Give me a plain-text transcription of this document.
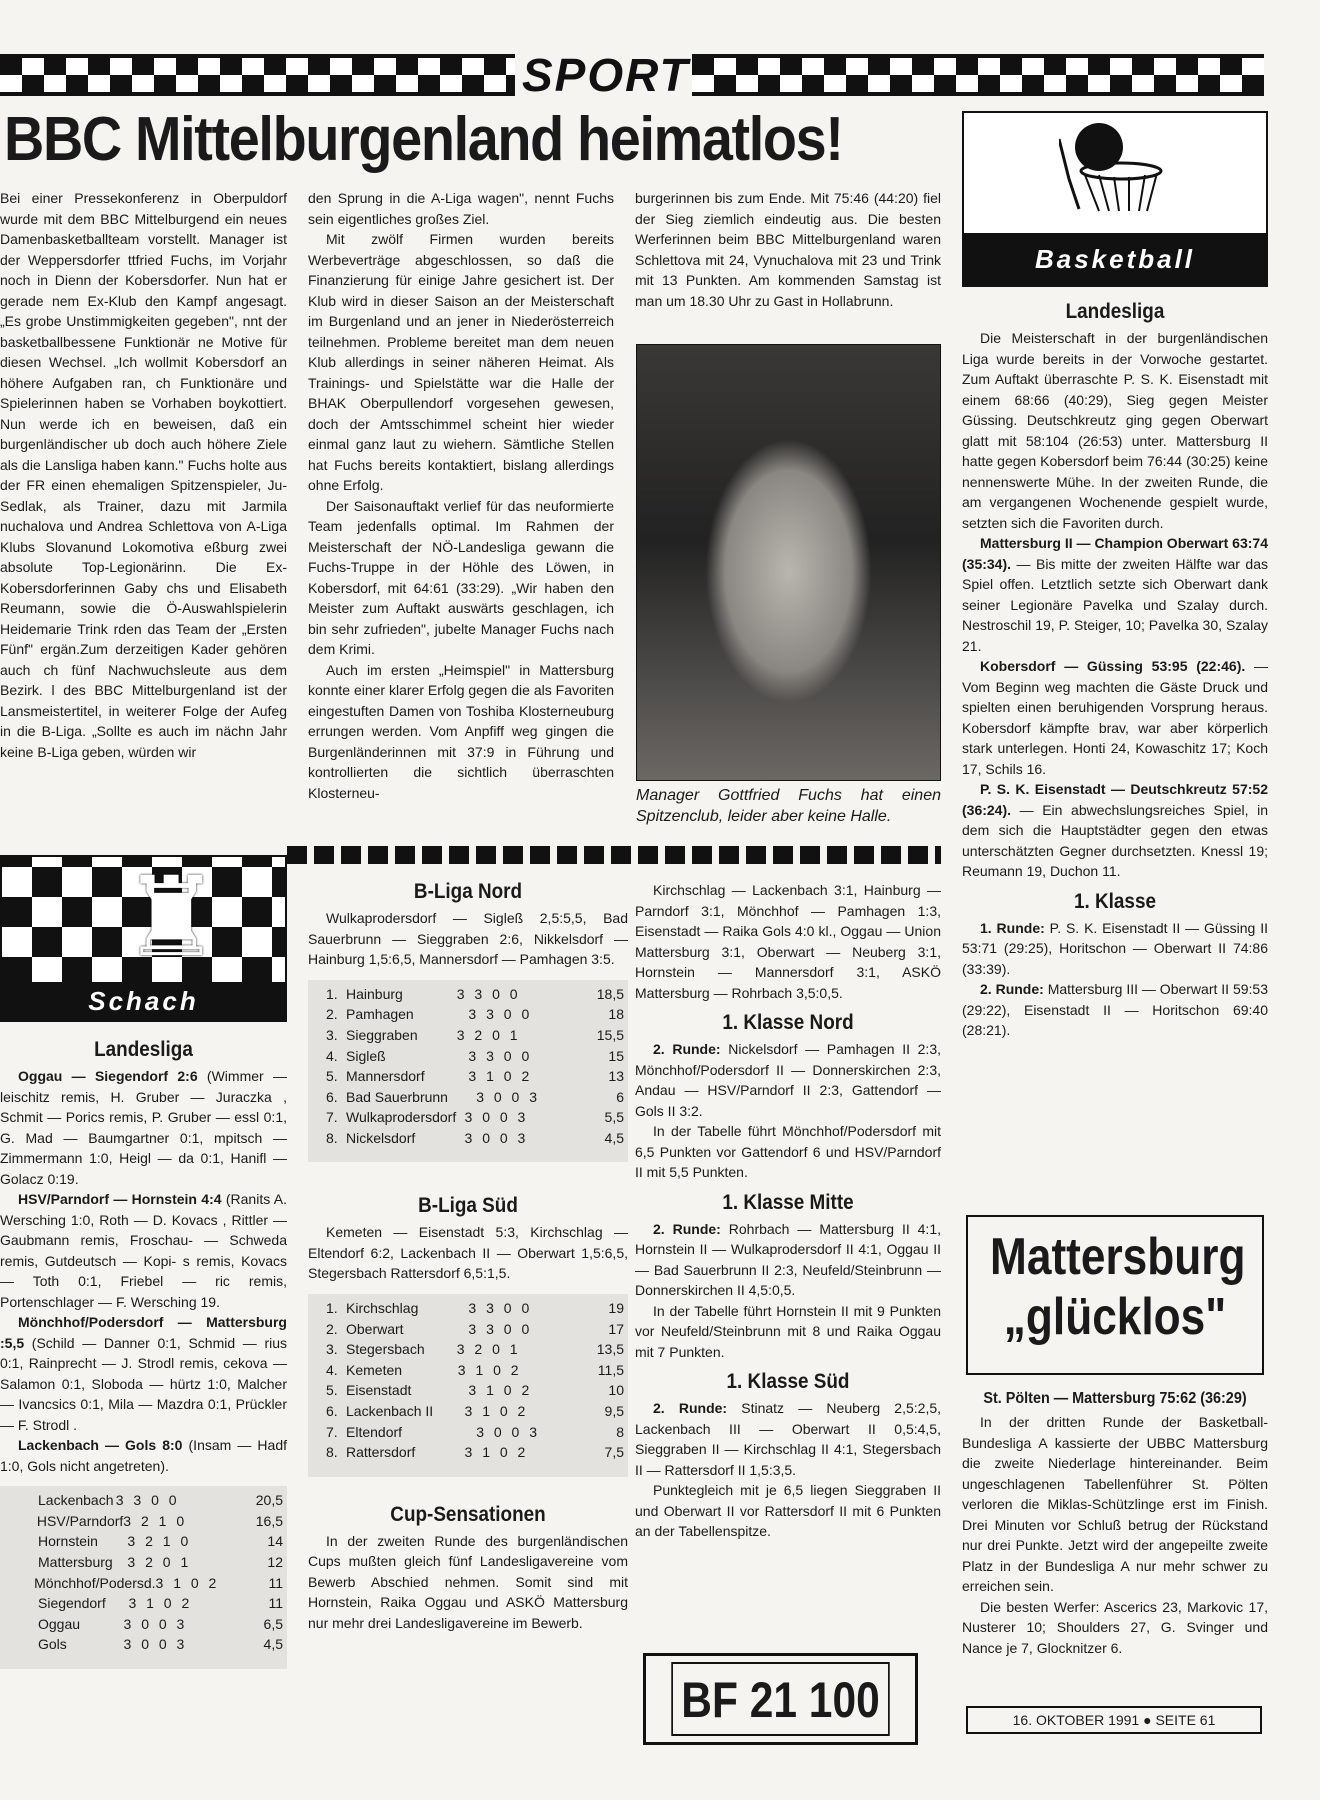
SPORT
BBC Mittelburgenland heimatlos!

Bei einer Pressekonferenz in Oberpuldorf wurde mit dem BBC Mittelburgend ein neues Damenbasketballteam vorstellt. Manager ist der Weppersdorfer ttfried Fuchs, im Vorjahr noch in Dienn der Kobersdorfer. Nun hat er gerade nem Ex-Klub den Kampf angesagt. „Es grobe Unstimmigkeiten gegeben", nnt der basketballbessene Funktionär ne Motive für diesen Wechsel. „Ich wollmit Kobersdorf an höhere Aufgaben ran, ch Funktionäre und Spielerinnen haben se Vorhaben boykottiert. Nun werde ich en beweisen, daß ein burgenländischer ub doch auch höhere Ziele als die Lansliga haben kann." Fuchs holte aus der FR einen ehemaligen Spitzenspieler, Ju- Sedlak, als Trainer, dazu mit Jarmila nuchalova und Andrea Schlettova von A-Liga Klubs Slovanund Lokomotiva eßburg zwei absolute Top-Legionärinn. Die Ex-Kobersdorferinnen Gaby chs und Elisabeth Reumann, sowie die Ö-Auswahlspielerin Heidemarie Trink rden das Team der „Ersten Fünf" ergän.Zum derzeitigen Kader gehören auch ch fünf Nachwuchsleute aus dem Bezirk. l des BBC Mittelburgenland ist der Lansmeistertitel, in weiterer Folge der Aufeg in die B-Liga. „Sollte es auch im nächn Jahr keine B-Liga geben, würden wir

den Sprung in die A-Liga wagen", nennt Fuchs sein eigentliches großes Ziel.

Mit zwölf Firmen wurden bereits Werbeverträge abgeschlossen, so daß die Finanzierung für einige Jahre gesichert ist. Der Klub wird in dieser Saison an der Meisterschaft im Burgenland und an jener in Niederösterreich teilnehmen. Probleme bereitet man dem neuen Klub allerdings in seiner näheren Heimat. Als Trainings- und Spielstätte war die Halle der BHAK Oberpullendorf vorgesehen gewesen, doch der Amtsschimmel scheint hier wieder einmal ganz laut zu wiehern. Sämtliche Stellen hat Fuchs bereits kontaktiert, bislang allerdings ohne Erfolg.

Der Saisonauftakt verlief für das neuformierte Team jedenfalls optimal. Im Rahmen der Meisterschaft der NÖ-Landesliga gewann die Fuchs-Truppe in der Höhle des Löwen, in Kobersdorf, mit 64:61 (33:29). „Wir haben den Meister zum Auftakt auswärts geschlagen, ich bin sehr zufrieden", jubelte Manager Fuchs nach dem Krimi.

Auch im ersten „Heimspiel" in Mattersburg konnte einer klarer Erfolg gegen die als Favoriten eingestuften Damen von Toshiba Klosterneuburg errungen werden. Vom Anpfiff weg gingen die Burgenländerinnen mit 37:9 in Führung und kontrollierten die sichtlich überraschten Klosterneu-

burgerinnen bis zum Ende. Mit 75:46 (44:20) fiel der Sieg ziemlich eindeutig aus. Die besten Werferinnen beim BBC Mittelburgenland waren Schlettova mit 24, Vynuchalova mit 23 und Trink mit 13 Punkten. Am kommenden Samstag ist man um 18.30 Uhr zu Gast in Hollabrunn.

Manager Gottfried Fuchs hat einen Spitzenclub, leider aber keine Halle.
♜
Schach
Landesliga

Oggau — Siegendorf 2:6 (Wimmer — leischitz remis, H. Gruber — Juraczka , Schmit — Porics remis, P. Gruber — essl 0:1, G. Mad — Baumgartner 0:1, mpitsch — Zimmermann 1:0, Heigl — da 0:1, Hanifl — Golacz 0:19.

HSV/Parndorf — Hornstein 4:4 (Ranits A. Wersching 1:0, Roth — D. Kovacs , Rittler — Gaubmann remis, Froschau- — Schweda remis, Gutdeutsch — Kopi- s remis, Kovacs — Toth 0:1, Friebel — ric remis, Portenschlager — F. Wersching 19.

Mönchhof/Podersdorf — Mattersburg :5,5 (Schild — Danner 0:1, Schmid — rius 0:1, Rainprecht — J. Strodl remis, cekova — Salamon 0:1, Sloboda — hürtz 1:0, Malcher — Ivancsics 0:1, Mila — Mazdra 0:1, Prückler — F. Strodl .

Lackenbach — Gols 8:0 (Insam — Hadf 1:0, Gols nicht angetreten).

Lackenbach 3 3 0 0	20,5
HSV/Parndorf 3 2 1 0	16,5
Hornstein	3 2 1 0	14
Mattersburg	3 2 0 1	12
Mönchhof/Podersd. 3 1 0 2	11
Siegendorf	3 1 0 2	11
Oggau	3 0 0 3	6,5
Gols	3 0 0 3	4,5
B-Liga Nord

Wulkaprodersdorf — Sigleß 2,5:5,5, Bad Sauerbrunn — Sieggraben 2:6, Nikkelsdorf — Hainburg 1,5:6,5, Mannersdorf — Pamhagen 3:5.

1. Hainburg	3 3 0 0	18,5
2. Pamhagen	3 3 0 0	18
3. Sieggraben	3 2 0 1	15,5
4. Sigleß	3 3 0 0	15
5. Mannersdorf	3 1 0 2	13
6. Bad Sauerbrunn	3 0 0 3	6
7. Wulkaprodersdorf 3 0 0 3	5,5
8. Nickelsdorf	3 0 0 3	4,5
B-Liga Süd

Kemeten — Eisenstadt 5:3, Kirchschlag — Eltendorf 6:2, Lackenbach II — Oberwart 1,5:6,5, Stegersbach Rattersdorf 6,5:1,5.

1. Kirchschlag	3 3 0 0	19
2. Oberwart	3 3 0 0	17
3. Stegersbach	3 2 0 1	13,5
4. Kemeten	3 1 0 2	11,5
5. Eisenstadt	3 1 0 2	10
6. Lackenbach II	3 1 0 2	9,5
7. Eltendorf	3 0 0 3	8
8. Rattersdorf	3 1 0 2	7,5
Cup-Sensationen

In der zweiten Runde des burgenländischen Cups mußten gleich fünf Landesligavereine vom Bewerb Abschied nehmen. Somit sind mit Hornstein, Raika Oggau und ASKÖ Mattersburg nur mehr drei Landesligavereine im Bewerb.

Kirchschlag — Lackenbach 3:1, Hainburg — Parndorf 3:1, Mönchhof — Pamhagen 1:3, Eisenstadt — Raika Gols 4:0 kl., Oggau — Union Mattersburg 3:1, Oberwart — Neuberg 3:1, Hornstein — Mannersdorf 3:1, ASKÖ Mattersburg — Rohrbach 3,5:0,5.

1. Klasse Nord

2. Runde: Nickelsdorf — Pamhagen II 2:3, Mönchhof/Podersdorf II — Donnerskirchen 2:3, Andau — HSV/Parndorf II 2:3, Gattendorf — Gols II 3:2.

In der Tabelle führt Mönchhof/Podersdorf mit 6,5 Punkten vor Gattendorf 6 und HSV/Parndorf II mit 5,5 Punkten.

1. Klasse Mitte

2. Runde: Rohrbach — Mattersburg II 4:1, Hornstein II — Wulkaprodersdorf II 4:1, Oggau II — Bad Sauerbrunn II 2:3, Neufeld/Steinbrunn — Donnerskirchen II 4,5:0,5.

In der Tabelle führt Hornstein II mit 9 Punkten vor Neufeld/Steinbrunn mit 8 und Raika Oggau mit 7 Punkten.

1. Klasse Süd

2. Runde: Stinatz — Neuberg 2,5:2,5, Lackenbach III — Oberwart II 0,5:4,5, Sieggraben II — Kirchschlag II 4:1, Stegersbach II — Rattersdorf II 1,5:3,5.

Punktegleich mit je 6,5 liegen Sieggraben II und Oberwart II vor Rattersdorf II mit 6 Punkten an der Tabellenspitze.

BF 21 100
Basketball
Landesliga

Die Meisterschaft in der burgenländischen Liga wurde bereits in der Vorwoche gestartet. Zum Auftakt überraschte P. S. K. Eisenstadt mit einem 68:66 (40:29), Sieg gegen Meister Güssing. Deutschkreutz ging gegen Oberwart glatt mit 58:104 (26:53) unter. Mattersburg II hatte gegen Kobersdorf beim 76:44 (30:25) keine nennenswerte Mühe. In der zweiten Runde, die am vergangenen Wochenende gespielt wurde, setzten sich die Favoriten durch.

Mattersburg II — Champion Oberwart 63:74 (35:34). — Bis mitte der zweiten Hälfte war das Spiel offen. Letztlich setzte sich Oberwart dank seiner Legionäre Pavelka und Szalay durch. Nestroschil 19, P. Steiger, 10; Pavelka 30, Szalay 21.

Kobersdorf — Güssing 53:95 (22:46). — Vom Beginn weg machten die Gäste Druck und spielten einen beruhigenden Vorsprung heraus. Kobersdorf kämpfte brav, war aber körperlich stark unterlegen. Honti 24, Kowaschitz 17; Koch 17, Schils 16.

P. S. K. Eisenstadt — Deutschkreutz 57:52 (36:24). — Ein abwechslungsreiches Spiel, in dem sich die Hauptstädter gegen den etwas unterschätzten Gegner durchsetzten. Knessl 19; Reumann 19, Duchon 11.

1. Klasse

1. Runde: P. S. K. Eisenstadt II — Güssing II 53:71 (29:25), Horitschon — Oberwart II 74:86 (33:39).

2. Runde: Mattersburg III — Oberwart II 59:53 (29:22), Eisenstadt II — Horitschon 69:40 (28:21).

Mattersburg
„glücklos"
St. Pölten — Mattersburg 75:62 (36:29)

In der dritten Runde der Basketball-Bundesliga A kassierte der UBBC Mattersburg die zweite Niederlage hintereinander. Beim ungeschlagenen Tabellenführer St. Pölten verloren die Miklas-Schützlinge erst im Finish. Drei Minuten vor Schluß betrug der Rückstand nur drei Punkte. Jetzt wird der angepeilte zweite Platz in der Bundesliga A nur mehr schwer zu erreichen sein.

Die besten Werfer: Ascerics 23, Markovic 17, Nusterer 10; Shoulders 27, G. Svinger und Nance je 7, Glocknitzer 6.

16. OKTOBER 1991 ● SEITE 61
